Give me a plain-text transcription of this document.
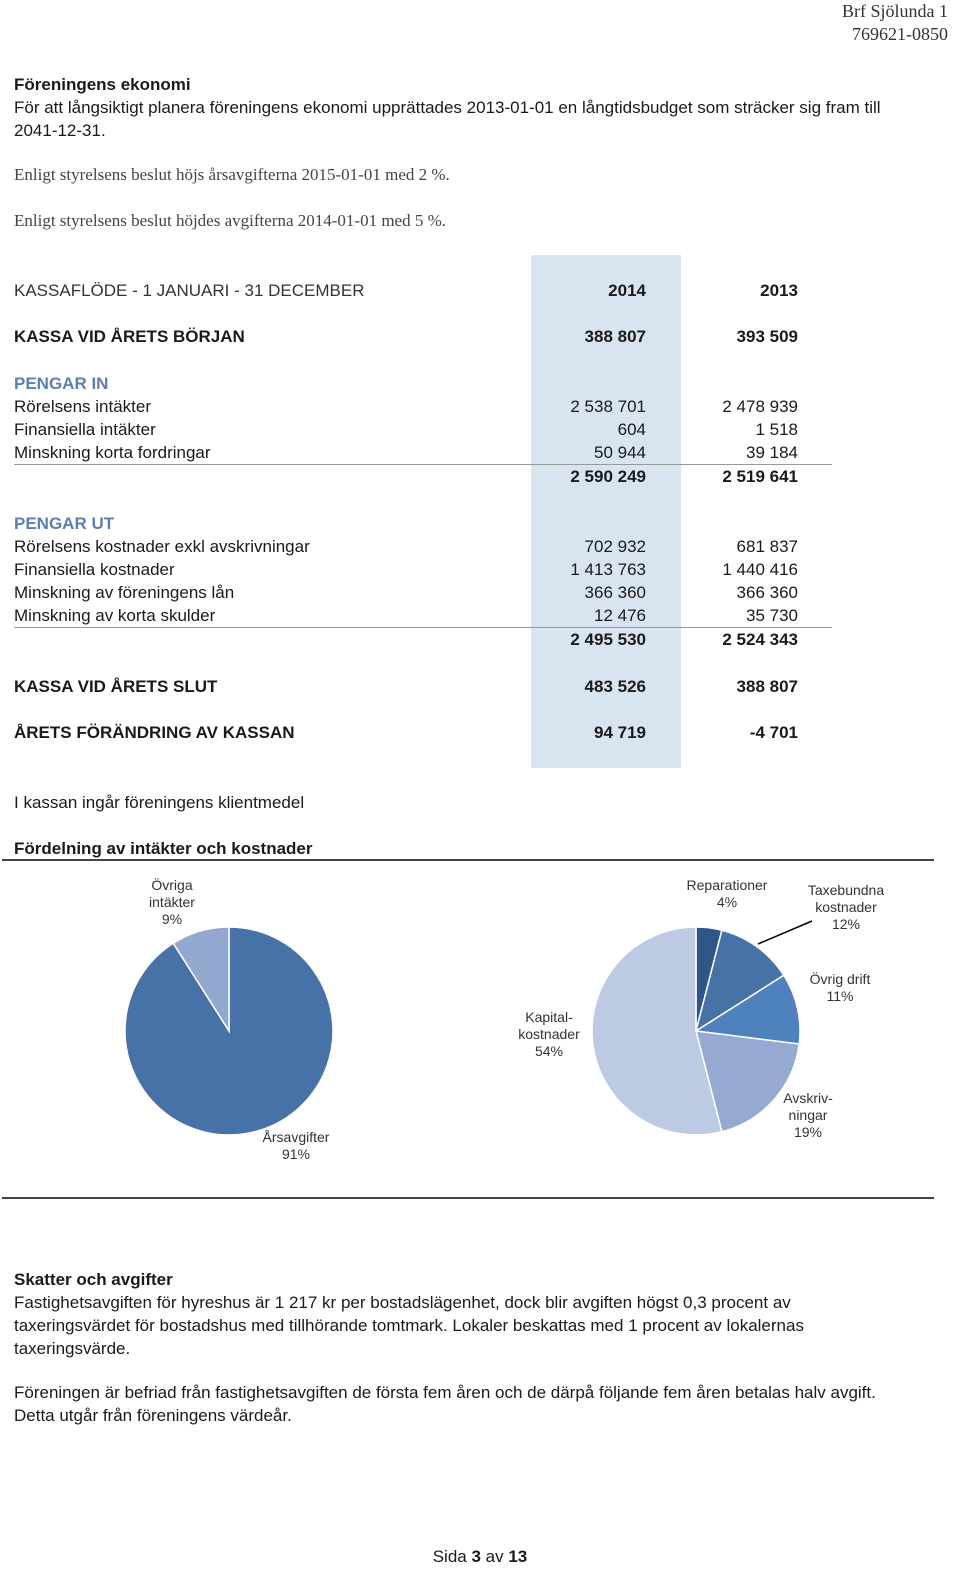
Brf Sjölunda 1
769621-0850
Föreningens ekonomi
För att långsiktigt planera föreningens ekonomi upprättades 2013-01-01 en långtidsbudget som sträcker sig fram till
2041-12-31.
Enligt styrelsens beslut höjs årsavgifterna 2015-01-01 med 2 %.
Enligt styrelsens beslut höjdes avgifterna 2014-01-01 med 5 %.
KASSAFLÖDE - 1 JANUARI - 31 DECEMBER	2014	2013
KASSA VID ÅRETS BÖRJAN	388 807	393 509
PENGAR IN
Rörelsens intäkter	2 538 701	2 478 939
Finansiella intäkter	604	1 518
Minskning korta fordringar	50 944	39 184
2 590 249	2 519 641
PENGAR UT
Rörelsens kostnader exkl avskrivningar	702 932	681 837
Finansiella kostnader	1 413 763	1 440 416
Minskning av föreningens lån	366 360	366 360
Minskning av korta skulder	12 476	35 730
2 495 530	2 524 343
KASSA VID ÅRETS SLUT	483 526	388 807
ÅRETS FÖRÄNDRING AV KASSAN	94 719	-4 701
I kassan ingår föreningens klientmedel
Fördelning av intäkter och kostnader
Årsavgifter 91%
Övriga intäkter 9%
Reparationer 4%
Taxebundna kostnader 12%
Övrig drift 11%
Avskriv-ningar 19%
Kapital-kostnader 54%
Skatter och avgifter
Fastighetsavgiften för hyreshus är 1 217 kr per bostadslägenhet, dock blir avgiften högst 0,3 procent av
taxeringsvärdet för bostadshus med tillhörande tomtmark. Lokaler beskattas med 1 procent av lokalernas
taxeringsvärde.
Föreningen är befriad från fastighetsavgiften de första fem åren och de därpå följande fem åren betalas halv avgift.
Detta utgår från föreningens värdeår.
Sida 3 av 13
